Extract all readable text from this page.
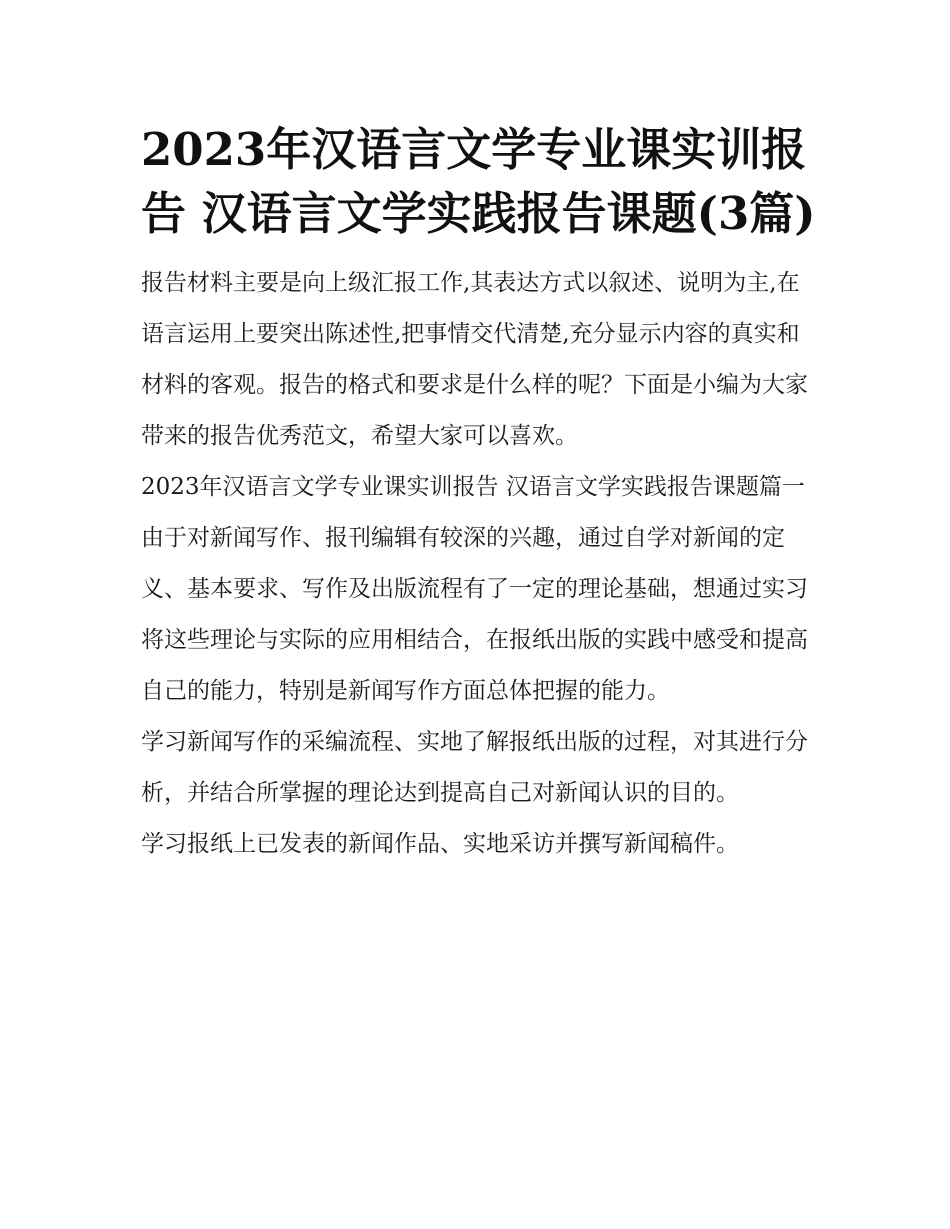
2023年汉语言文学专业课实训报告 汉语言文学实践报告课题(3篇)

报告材料主要是向上级汇报工作,其表达方式以叙述、说明为主,在语言运用上要突出陈述性,把事情交代清楚,充分显示内容的真实和材料的客观。报告的格式和要求是什么样的呢？下面是小编为大家带来的报告优秀范文，希望大家可以喜欢。

2023年汉语言文学专业课实训报告 汉语言文学实践报告课题篇一

由于对新闻写作、报刊编辑有较深的兴趣，通过自学对新闻的定义、基本要求、写作及出版流程有了一定的理论基础，想通过实习将这些理论与实际的应用相结合，在报纸出版的实践中感受和提高自己的能力，特别是新闻写作方面总体把握的能力。

学习新闻写作的采编流程、实地了解报纸出版的过程，对其进行分析，并结合所掌握的理论达到提高自己对新闻认识的目的。

学习报纸上已发表的新闻作品、实地采访并撰写新闻稿件。
